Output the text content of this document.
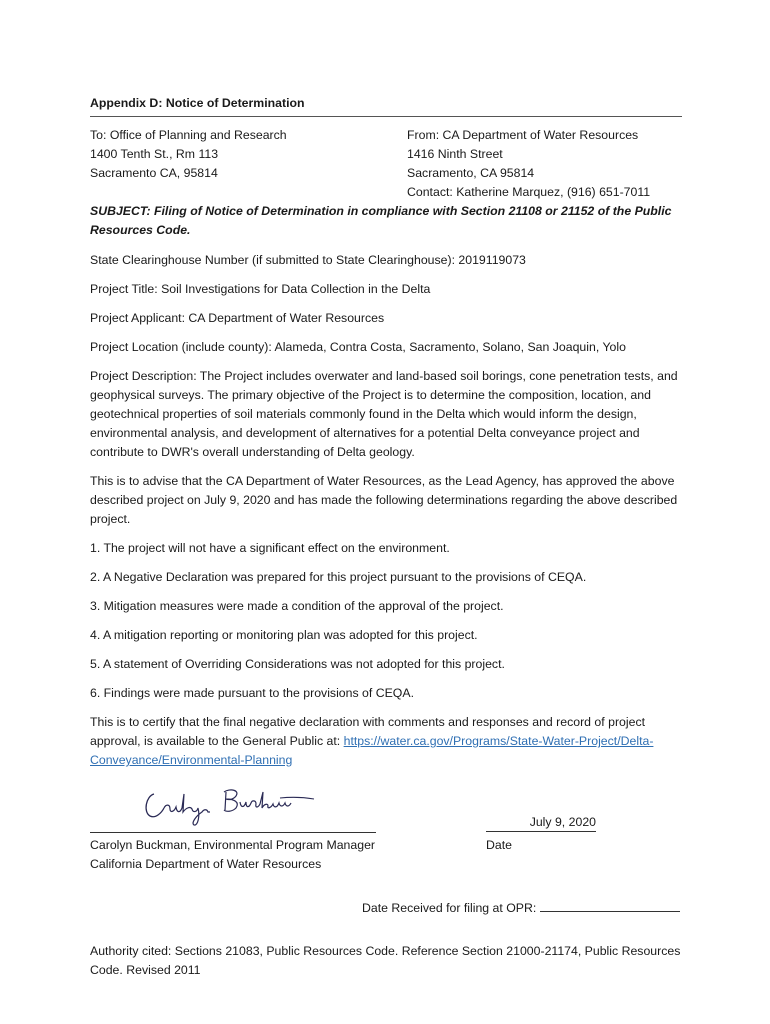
Appendix D: Notice of Determination
To: Office of Planning and Research
1400 Tenth St., Rm 113
Sacramento CA, 95814
From: CA Department of Water Resources
1416 Ninth Street
Sacramento, CA 95814
Contact: Katherine Marquez, (916) 651-7011
SUBJECT: Filing of Notice of Determination in compliance with Section 21108 or 21152 of the Public Resources Code.

State Clearinghouse Number (if submitted to State Clearinghouse): 2019119073

Project Title: Soil Investigations for Data Collection in the Delta

Project Applicant: CA Department of Water Resources

Project Location (include county): Alameda, Contra Costa, Sacramento, Solano, San Joaquin, Yolo

Project Description: The Project includes overwater and land-based soil borings, cone penetration tests, and geophysical surveys. The primary objective of the Project is to determine the composition, location, and geotechnical properties of soil materials commonly found in the Delta which would inform the design, environmental analysis, and development of alternatives for a potential Delta conveyance project and contribute to DWR's overall understanding of Delta geology.

This is to advise that the CA Department of Water Resources, as the Lead Agency, has approved the above described project on July 9, 2020 and has made the following determinations regarding the above described project.

1. The project will not have a significant effect on the environment.

2. A Negative Declaration was prepared for this project pursuant to the provisions of CEQA.

3. Mitigation measures were made a condition of the approval of the project.

4. A mitigation reporting or monitoring plan was adopted for this project.

5. A statement of Overriding Considerations was not adopted for this project.

6. Findings were made pursuant to the provisions of CEQA.

This is to certify that the final negative declaration with comments and responses and record of project approval, is available to the General Public at: https://water.ca.gov/Programs/State-Water-Project/Delta-Conveyance/Environmental-Planning

Carolyn Buckman
Carolyn Buckman, Environmental Program Manager
California Department of Water Resources
July 9, 2020
Date
Date Received for filing at OPR:

Authority cited: Sections 21083, Public Resources Code. Reference Section 21000-21174, Public Resources Code. Revised 2011
